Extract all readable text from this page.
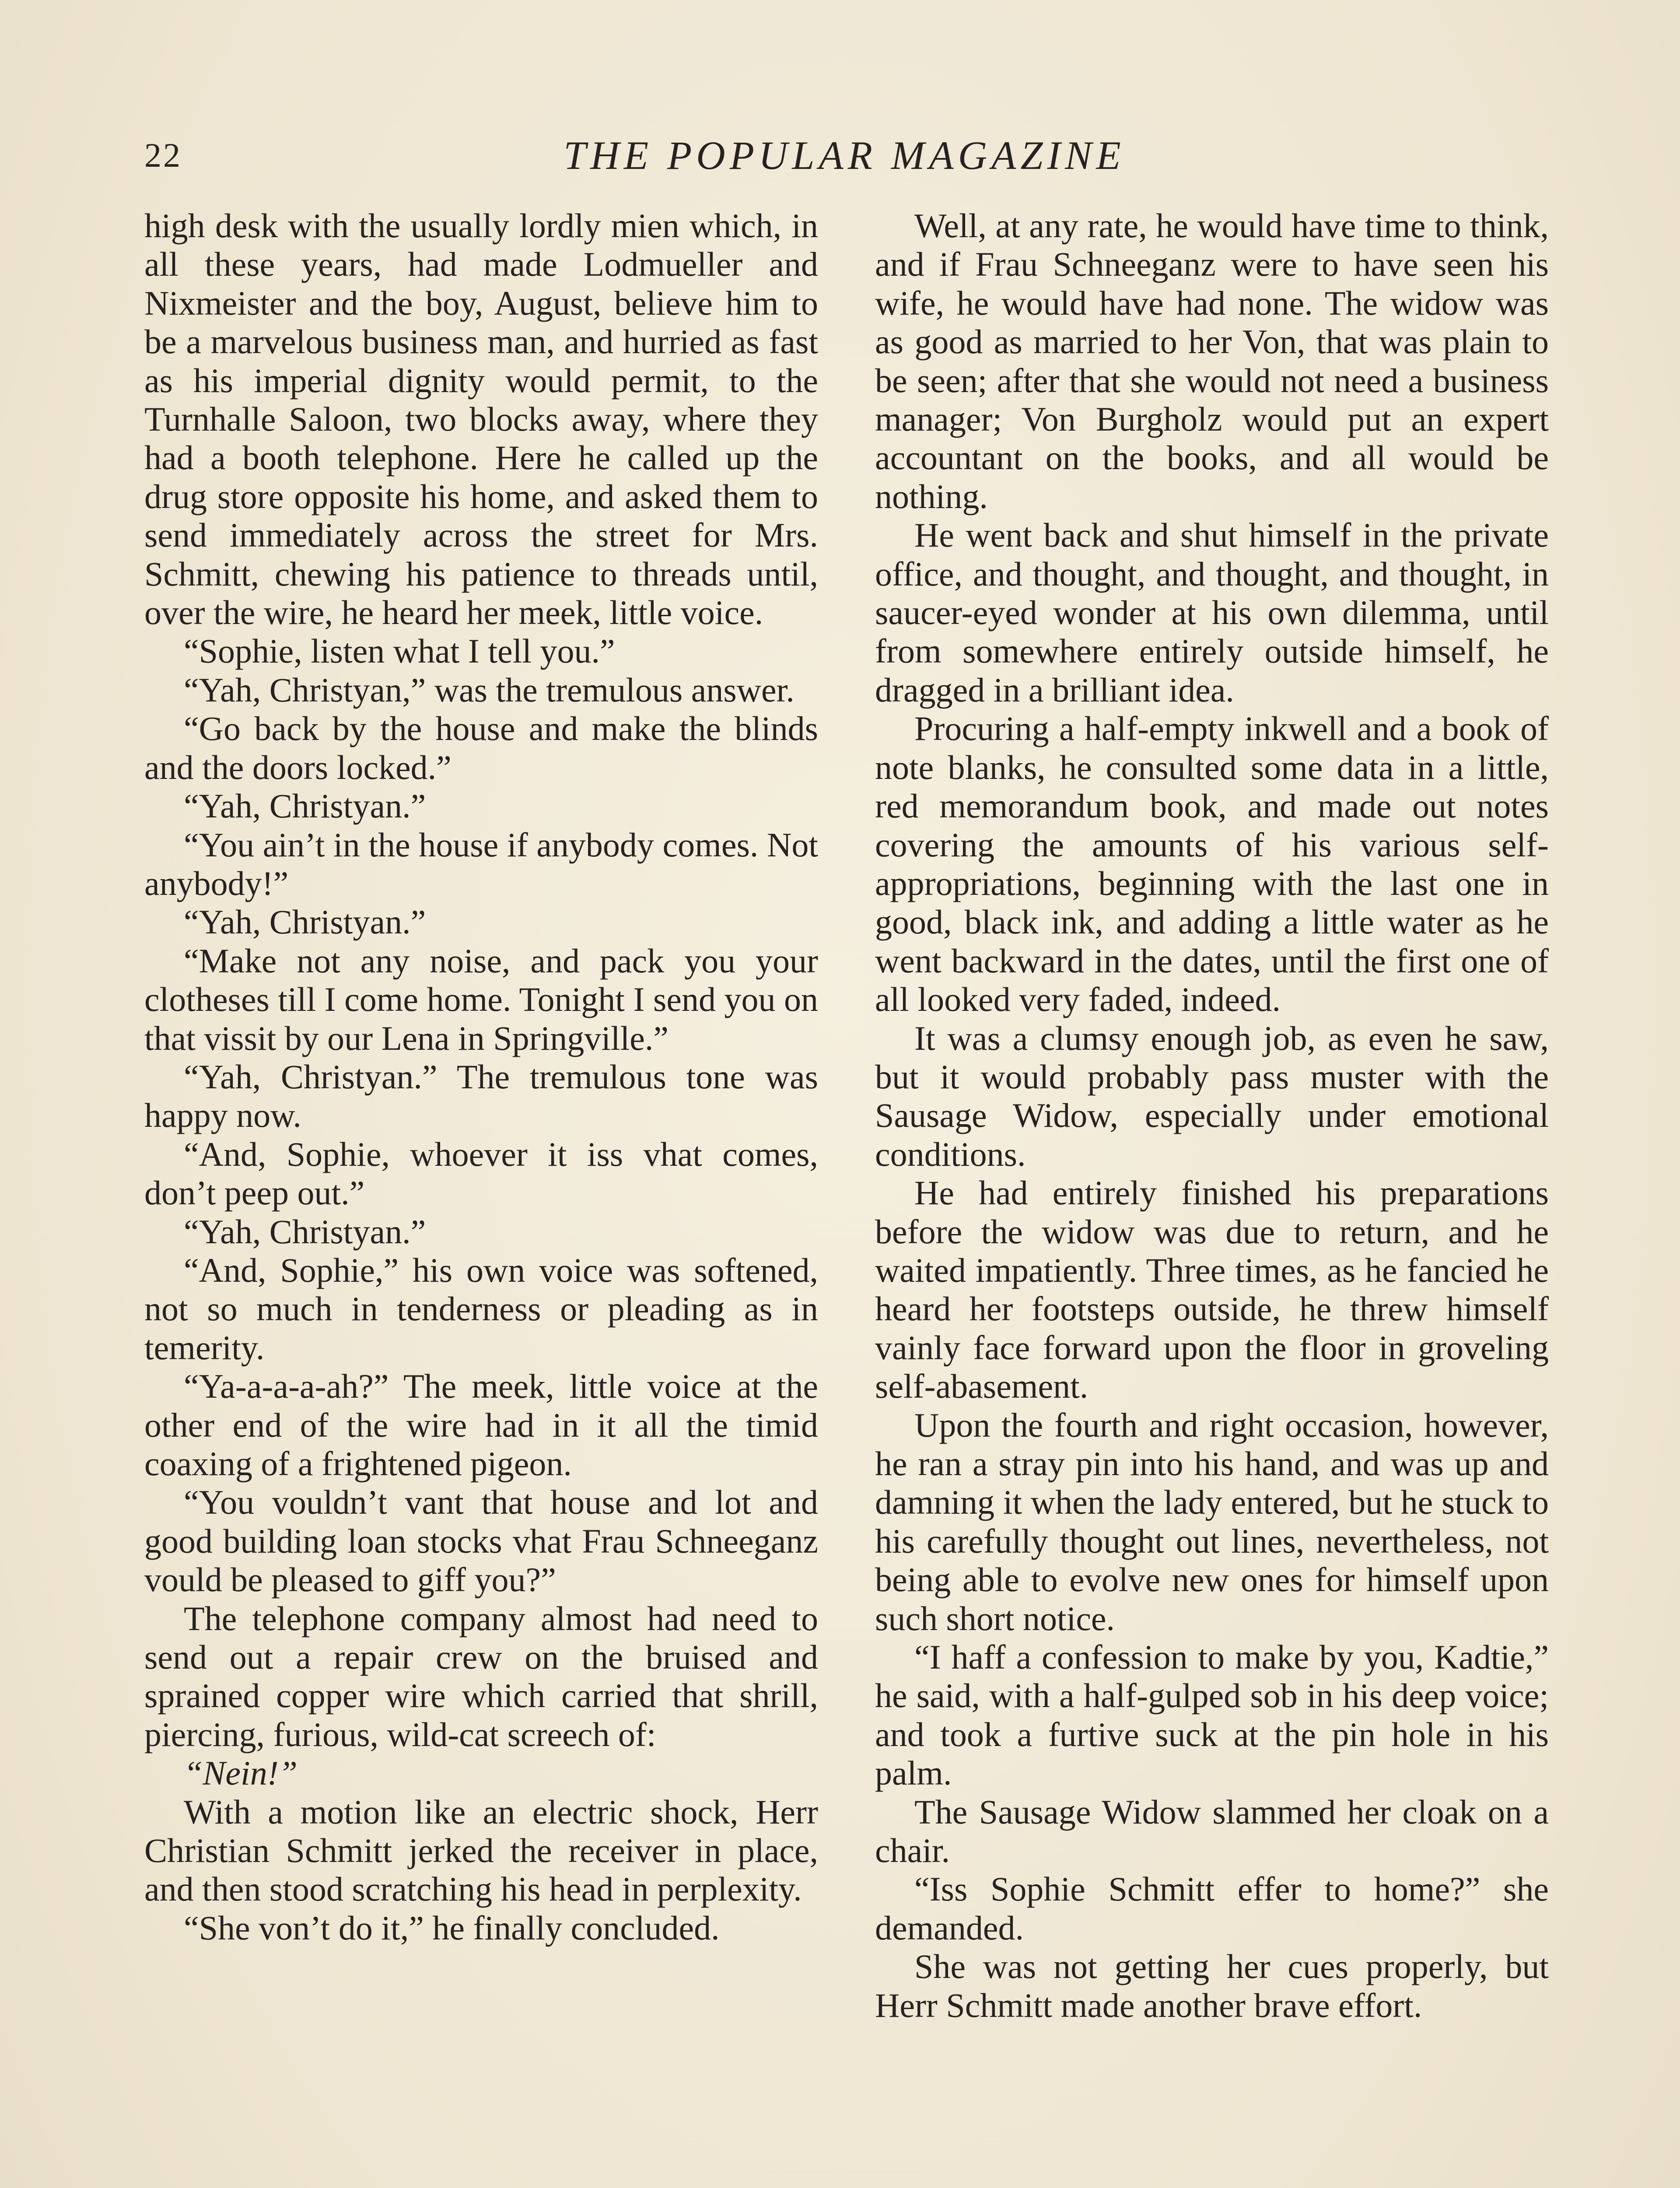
22	THE POPULAR MAGAZINE

high desk with the usually lordly mien which, in all these years, had made Lodmueller and Nixmeister and the boy, August, believe him to be a marvelous business man, and hurried as fast as his imperial dignity would permit, to the Turnhalle Saloon, two blocks away, where they had a booth telephone. Here he called up the drug store opposite his home, and asked them to send immediately across the street for Mrs. Schmitt, chewing his patience to threads until, over the wire, he heard her meek, little voice.

“Sophie, listen what I tell you.”

“Yah, Christyan,” was the tremulous answer.

“Go back by the house and make the blinds and the doors locked.”

“Yah, Christyan.”

“You ain’t in the house if anybody comes. Not anybody!”

“Yah, Christyan.”

“Make not any noise, and pack you your clotheses till I come home. Tonight I send you on that vissit by our Lena in Springville.”

“Yah, Christyan.” The tremulous tone was happy now.

“And, Sophie, whoever it iss vhat comes, don’t peep out.”

“Yah, Christyan.”

“And, Sophie,” his own voice was softened, not so much in tenderness or pleading as in temerity.

“Ya-a-a-a-ah?” The meek, little voice at the other end of the wire had in it all the timid coaxing of a frightened pigeon.

“You vouldn’t vant that house and lot and good building loan stocks vhat Frau Schneeganz vould be pleased to giff you?”

The telephone company almost had need to send out a repair crew on the bruised and sprained copper wire which carried that shrill, piercing, furious, wild-cat screech of:

“Nein!”

With a motion like an electric shock, Herr Christian Schmitt jerked the receiver in place, and then stood scratching his head in perplexity.

“She von’t do it,” he finally concluded.

Well, at any rate, he would have time to think, and if Frau Schneeganz were to have seen his wife, he would have had none. The widow was as good as married to her Von, that was plain to be seen; after that she would not need a business manager; Von Burgholz would put an expert accountant on the books, and all would be nothing.

He went back and shut himself in the private office, and thought, and thought, and thought, in saucer-eyed wonder at his own dilemma, until from somewhere entirely outside himself, he dragged in a brilliant idea.

Procuring a half-empty inkwell and a book of note blanks, he consulted some data in a little, red memorandum book, and made out notes covering the amounts of his various self-appropriations, beginning with the last one in good, black ink, and adding a little water as he went backward in the dates, until the first one of all looked very faded, indeed.

It was a clumsy enough job, as even he saw, but it would probably pass muster with the Sausage Widow, especially under emotional conditions.

He had entirely finished his preparations before the widow was due to return, and he waited impatiently. Three times, as he fancied he heard her footsteps outside, he threw himself vainly face forward upon the floor in groveling self-abasement.

Upon the fourth and right occasion, however, he ran a stray pin into his hand, and was up and damning it when the lady entered, but he stuck to his carefully thought out lines, nevertheless, not being able to evolve new ones for himself upon such short notice.

“I haff a confession to make by you, Kadtie,” he said, with a half-gulped sob in his deep voice; and took a furtive suck at the pin hole in his palm.

The Sausage Widow slammed her cloak on a chair.

“Iss Sophie Schmitt effer to home?” she demanded.

She was not getting her cues properly, but Herr Schmitt made another brave effort.
